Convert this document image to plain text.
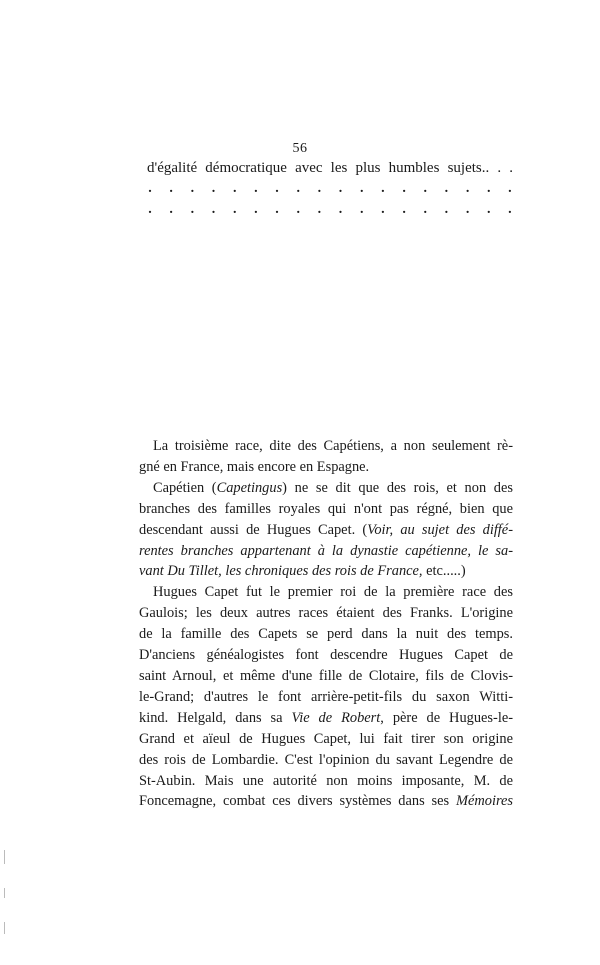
56
d'égalité démocratique avec les plus humbles sujets.. . .
. . . . . . . . . . . . . . . . . .
. . . . . . . . . . . . . . . . . .

La troisième race, dite des Capétiens, a non seulement rè-
gné en France, mais encore en Espagne.

Capétien (Capetingus) ne se dit que des rois, et non des
branches des familles royales qui n'ont pas régné, bien que
descendant aussi de Hugues Capet. (Voir, au sujet des diffé-
rentes branches appartenant à la dynastie capétienne, le sa-
vant Du Tillet, les chroniques des rois de France, etc.....)

Hugues Capet fut le premier roi de la première race des
Gaulois; les deux autres races étaient des Franks. L'origine
de la famille des Capets se perd dans la nuit des temps.
D'anciens généalogistes font descendre Hugues Capet de
saint Arnoul, et même d'une fille de Clotaire, fils de Clovis-
le-Grand; d'autres le font arrière-petit-fils du saxon Witti-
kind. Helgald, dans sa Vie de Robert, père de Hugues-le-
Grand et aïeul de Hugues Capet, lui fait tirer son origine
des rois de Lombardie. C'est l'opinion du savant Legendre de
St-Aubin. Mais une autorité non moins imposante, M. de
Foncemagne, combat ces divers systèmes dans ses Mémoires
